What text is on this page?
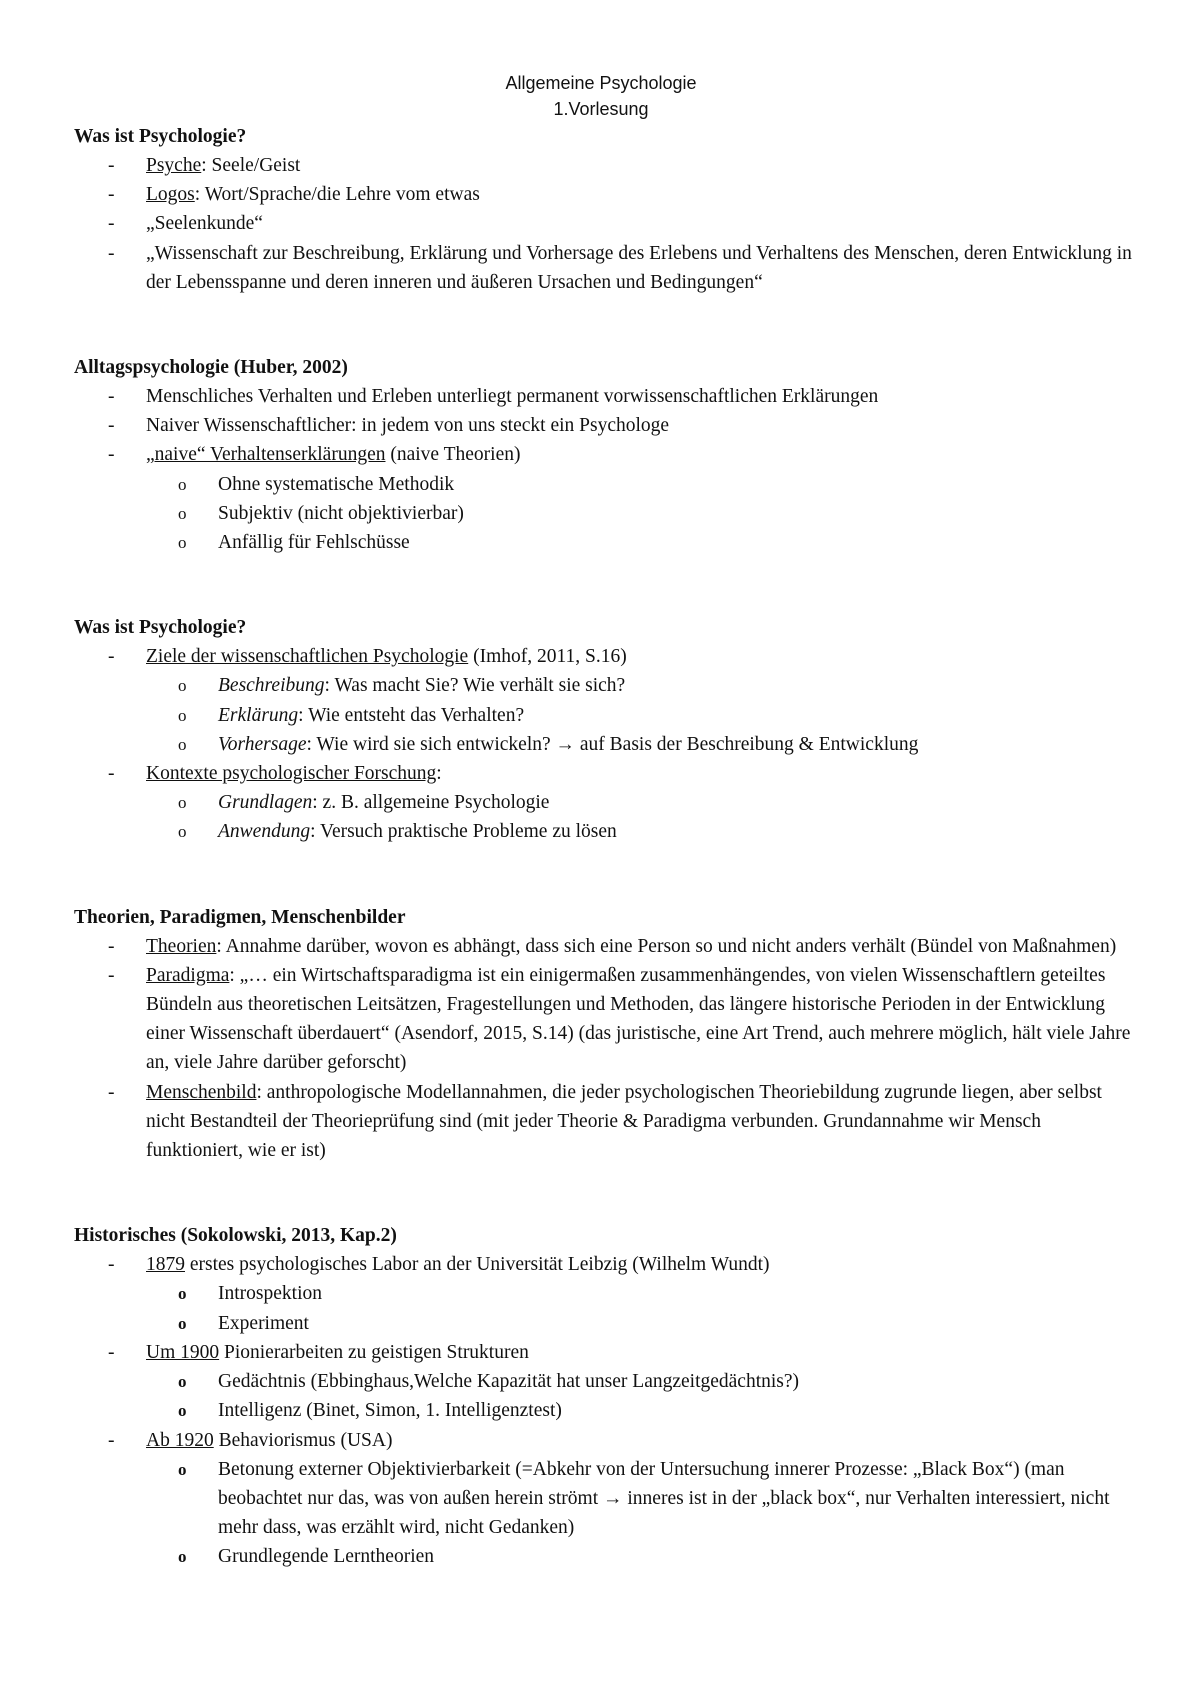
Allgemeine Psychologie
1.Vorlesung
Was ist Psychologie?
- Psyche: Seele/Geist
- Logos: Wort/Sprache/die Lehre vom etwas
- „Seelenkunde“
- „Wissenschaft zur Beschreibung, Erklärung und Vorhersage des Erlebens und Verhaltens des Menschen, deren Entwicklung in der Lebensspanne und deren inneren und äußeren Ursachen und Bedingungen“
Alltagspsychologie (Huber, 2002)
- Menschliches Verhalten und Erleben unterliegt permanent vorwissenschaftlichen Erklärungen
- Naiver Wissenschaftlicher: in jedem von uns steckt ein Psychologe
- „naive“ Verhaltenserklärungen (naive Theorien)
o Ohne systematische Methodik
o Subjektiv (nicht objektivierbar)
o Anfällig für Fehlschüsse
Was ist Psychologie?
- Ziele der wissenschaftlichen Psychologie (Imhof, 2011, S.16)
o Beschreibung: Was macht Sie? Wie verhält sie sich?
o Erklärung: Wie entsteht das Verhalten?
o Vorhersage: Wie wird sie sich entwickeln? → auf Basis der Beschreibung & Entwicklung
- Kontexte psychologischer Forschung:
o Grundlagen: z. B. allgemeine Psychologie
o Anwendung: Versuch praktische Probleme zu lösen
Theorien, Paradigmen, Menschenbilder
- Theorien: Annahme darüber, wovon es abhängt, dass sich eine Person so und nicht anders verhält (Bündel von Maßnahmen)
- Paradigma: „… ein Wirtschaftsparadigma ist ein einigermaßen zusammenhängendes, von vielen Wissenschaftlern geteiltes Bündeln aus theoretischen Leitsätzen, Fragestellungen und Methoden, das längere historische Perioden in der Entwicklung einer Wissenschaft überdauert“ (Asendorf, 2015, S.14) (das juristische, eine Art Trend, auch mehrere möglich, hält viele Jahre an, viele Jahre darüber geforscht)
- Menschenbild: anthropologische Modellannahmen, die jeder psychologischen Theoriebildung zugrunde liegen, aber selbst nicht Bestandteil der Theorieprüfung sind (mit jeder Theorie & Paradigma verbunden. Grundannahme wir Mensch funktioniert, wie er ist)
Historisches (Sokolowski, 2013, Kap.2)
- 1879 erstes psychologisches Labor an der Universität Leibzig (Wilhelm Wundt)
o Introspektion
o Experiment
- Um 1900 Pionierarbeiten zu geistigen Strukturen
o Gedächtnis (Ebbinghaus,Welche Kapazität hat unser Langzeitgedächtnis?)
o Intelligenz (Binet, Simon, 1. Intelligenztest)
- Ab 1920 Behaviorismus (USA)
o Betonung externer Objektivierbarkeit (=Abkehr von der Untersuchung innerer Prozesse: „Black Box“) (man beobachtet nur das, was von außen herein strömt → inneres ist in der „black box“, nur Verhalten interessiert, nicht mehr dass, was erzählt wird, nicht Gedanken)
o Grundlegende Lerntheorien
